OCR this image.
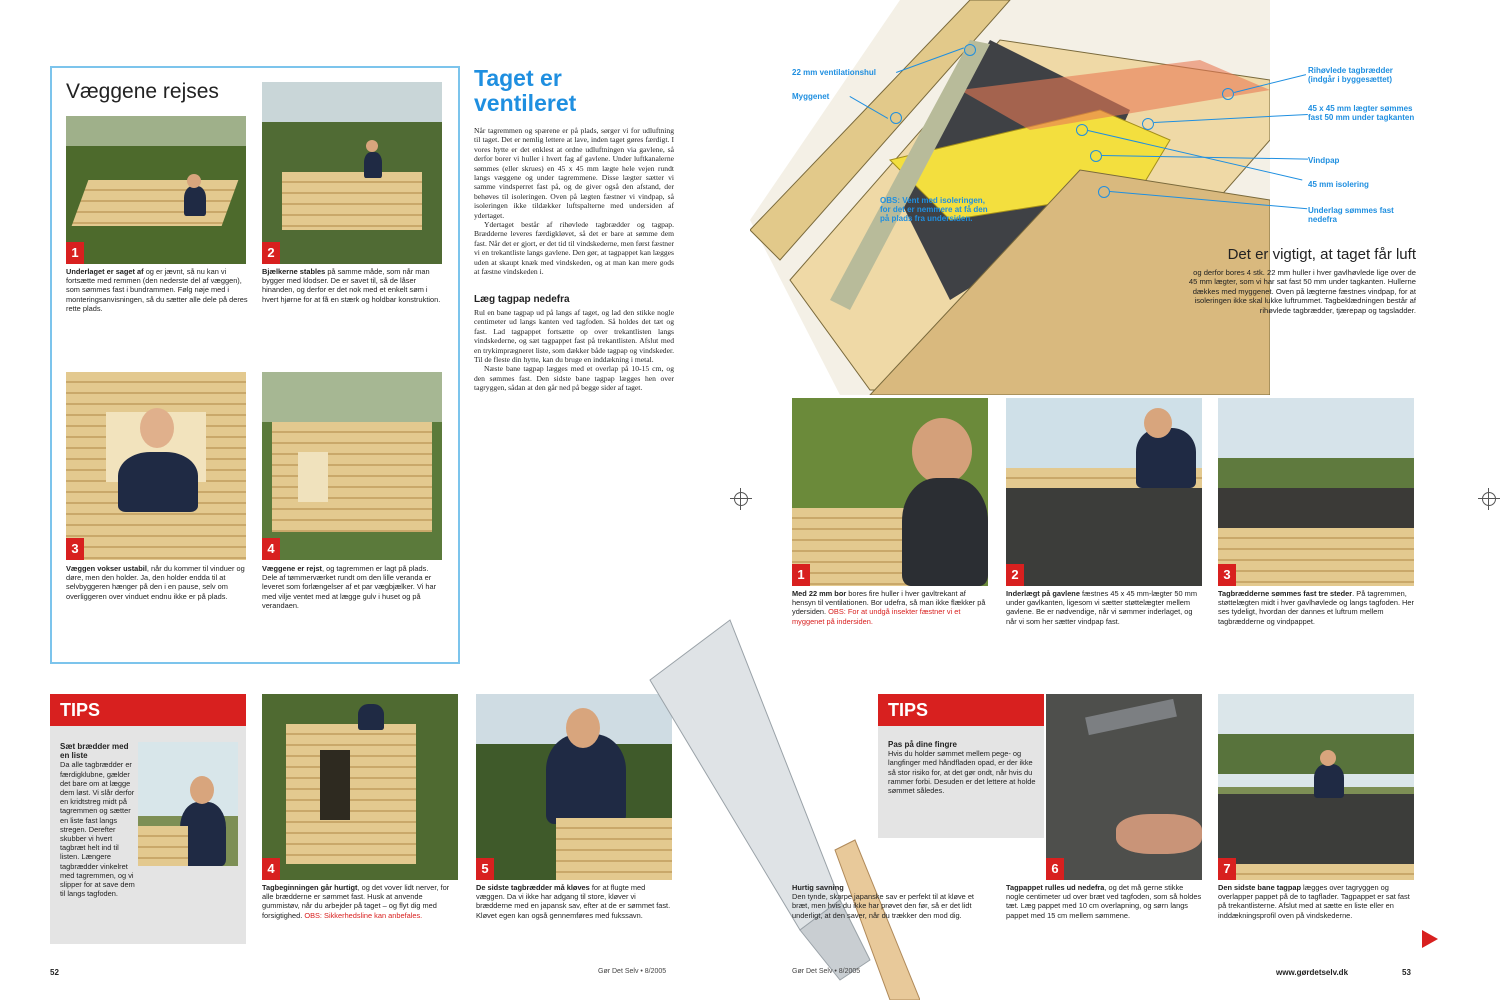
Væggene rejses
1
Underlaget er saget af og er jævnt, så nu kan vi fortsætte med remmen (den nederste del af væggen), som sømmes fast i bundrammen. Følg nøje med i monteringsanvisningen, så du sætter alle dele på deres rette plads.
2
Bjælkerne stables på samme måde, som når man bygger med klodser. De er savet til, så de låser hinanden, og derfor er det nok med et enkelt søm i hvert hjørne for at få en stærk og holdbar konstruktion.
3
Væggen vokser ustabil, når du kommer til vinduer og døre, men den holder. Ja, den holder endda til at selvbyggeren hænger på den i en pause, selv om overliggeren over vinduet endnu ikke er på plads.
4
Væggene er rejst, og tagremmen er lagt på plads. Dele af tømmerværket rundt om den lille veranda er leveret som forlængelser af et par vægbjælker. Vi har med vilje ventet med at lægge gulv i huset og på verandaen.
Taget er ventileret

Når tagremmen og spærene er på plads, sørger vi for udluftning til taget. Det er nemlig lettere at lave, inden taget gøres færdigt. I vores hytte er det enklest at ordne udluftningen via gavlene, så derfor borer vi huller i hvert fag af gavlene. Under luftkanalerne sømmes (eller skrues) en 45 x 45 mm lægte hele vejen rundt langs væggene og under tagremmene. Disse lægter sætter vi samme vindsperret fast på, og de giver også den afstand, der behøves til isoleringen. Oven på lægten fæstner vi vindpap, så isoleringen ikke tildækker luftspalterne med undersiden af ydertaget.

Ydertaget består af rihøvlede tagbrædder og tagpap. Brædderne leveres færdigkløvet, så det er bare at sømme dem fast. Når det er gjort, er det tid til vindskederne, men først fæstner vi en trekantliste langs gavlene. Den gør, at tagpappet kan lægges uden at skaupt knæk med vindskeden, og at man kan mere gods at fæstne vindskeden i.

Læg tagpap nedefra

Rul en bane tagpap ud på langs af taget, og lad den stikke nogle centimeter ud langs kanten ved tagfoden. Så holdes det tæt og fast. Lad tagpappet fortsætte op over trekantlisten langs vindskederne, og sæt tagpappet fast på trekantlisten. Afslut med en trykimprægneret liste, som dækker både tagpap og vindskeder. Til de fleste din hytte, kan du bruge en inddækning i metal.

Næste bane tagpap lægges med et overlap på 10-15 cm, og den sømmes fast. Den sidste bane tagpap lægges hen over tagryggen, sådan at den går ned på begge sider af taget.

TIPS
Sæt brædder med en liste
Da alle tagbrædder er færdigklubne, gælder det bare om at lægge dem løst. Vi slår derfor en kridtstreg midt på tagremmen og sætter en liste fast langs stregen. Derefter skubber vi hvert tagbræt helt ind til listen. Længere tagbrædder vinkelret med tagremmen, og vi slipper for at save dem til langs tagfoden.
4
Tagbeginningen går hurtigt, og det vover lidt nerver, for alle brædderne er sømmet fast. Husk at anvende gummistøv, når du arbejder på taget – og flyt dig med forsigtighed. OBS: Sikkerhedsline kan anbefales.
5
De sidste tagbrædder må kløves for at flugte med væggen. Da vi ikke har adgang til store, kløver vi brædderne med en japansk sav, efter at de er sømmet fast. Kløvet egen kan også gennemføres med fukssavn.
52	Gør Det Selv • 8/2005
22 mm ventilationshul
Myggenet
Rihøvlede tagbrædder (indgår i byggesættet)
45 x 45 mm lægter sømmes fast 50 mm under tagkanten
Vindpap
45 mm isolering
Underlag sømmes fast nedefra
OBS: Vent med isoleringen, for det er nemmere at få den på plads fra undersiden.
Det er vigtigt, at taget får luft
og derfor bores 4 stk. 22 mm huller i hver gavlhøvlede lige over de 45 mm lægter, som vi har sat fast 50 mm under tagkanten. Hullerne dækkes med myggenet. Oven på lægterne fæstnes vindpap, for at isoleringen ikke skal lukke luftrummet. Tagbeklædningen består af rihøvlede tagbrædder, tjærepap og tagsladder.
1
Med 22 mm bor bores fire huller i hver gavltrekant af hensyn til ventilationen. Bor udefra, så man ikke flækker på ydersiden. OBS: For at undgå insekter fæstner vi et myggenet på indersiden.
2
Inderlægt på gavlene fæstnes 45 x 45 mm-lægter 50 mm under gavlkanten, ligesom vi sætter støttelægter mellem gavlene. Be er nødvendige, når vi sømmer inderlaget, og når vi som her sætter vindpap fast.
3
Tagbrædderne sømmes fast tre steder. På tagremmen, støttelægten midt i hver gavlhøvlede og langs tagfoden. Her ses tydeligt, hvordan der dannes et luftrum mellem tagbrædderne og vindpappet.
TIPS
Pas på dine fingre
Hvis du holder sømmet mellem pege- og langfinger med håndfladen opad, er der ikke så stor risiko for, at det gør ondt, når hvis du rammer forbi. Desuden er det lettere at holde sømmet således.
Hurtig savning
Den tynde, skarpe japanske sav er perfekt til at kløve et bræt, men hvis du ikke har prøvet den før, så er det lidt underligt, at den saver, når du trækker den mod dig.
6
Tagpappet rulles ud nedefra, og det må gerne stikke nogle centimeter ud over bræt ved tagfoden, som så holdes tæt. Læg pappet med 10 cm overlapning, og sørn langs pappet med 15 cm mellem sømmene.
7
Den sidste bane tagpap lægges over tagryggen og overlapper pappet på de to tagflader. Tagpappet er sat fast på trekantlisterne. Afslut med at sætte en liste eller en inddækningsprofil oven på vindskederne.
Gør Det Selv • 8/2005	www.gørdetselv.dk	53
